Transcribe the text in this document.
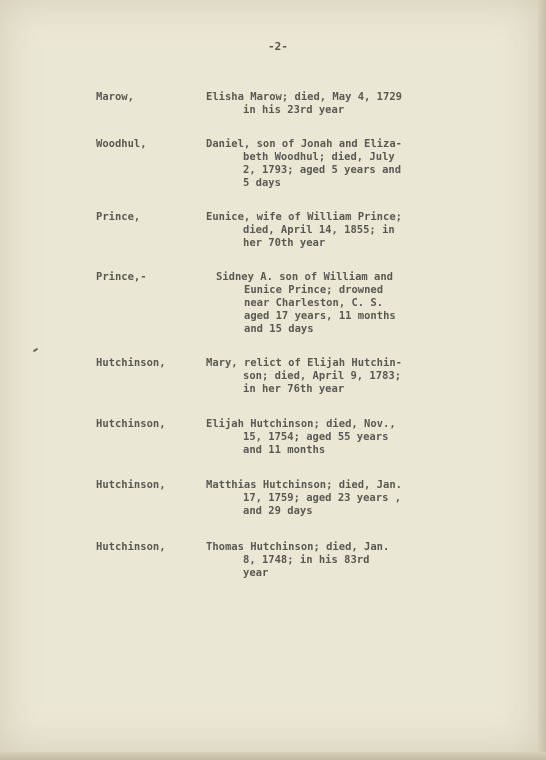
-2-
Marow,	Elisha Marow; died, May 4, 1729
in his 23rd year
Woodhul,	Daniel, son of Jonah and Eliza-
beth Woodhul; died, July
2, 1793; aged 5 years and
5 days
Prince,	Eunice, wife of William Prince;
died, April 14, 1855; in
her 70th year
Prince,-	Sidney A. son of William and
Eunice Prince; drowned
near Charleston, C. S.
aged 17 years, 11 months
and 15 days
Hutchinson,	Mary, relict of Elijah Hutchin-
son; died, April 9, 1783;
in her 76th year
Hutchinson,	Elijah Hutchinson; died, Nov.,
15, 1754; aged 55 years
and 11 months
Hutchinson,	Matthias Hutchinson; died, Jan.
17, 1759; aged 23 years ,
and 29 days
Hutchinson,	Thomas Hutchinson; died, Jan.
8, 1748; in his 83rd
year
